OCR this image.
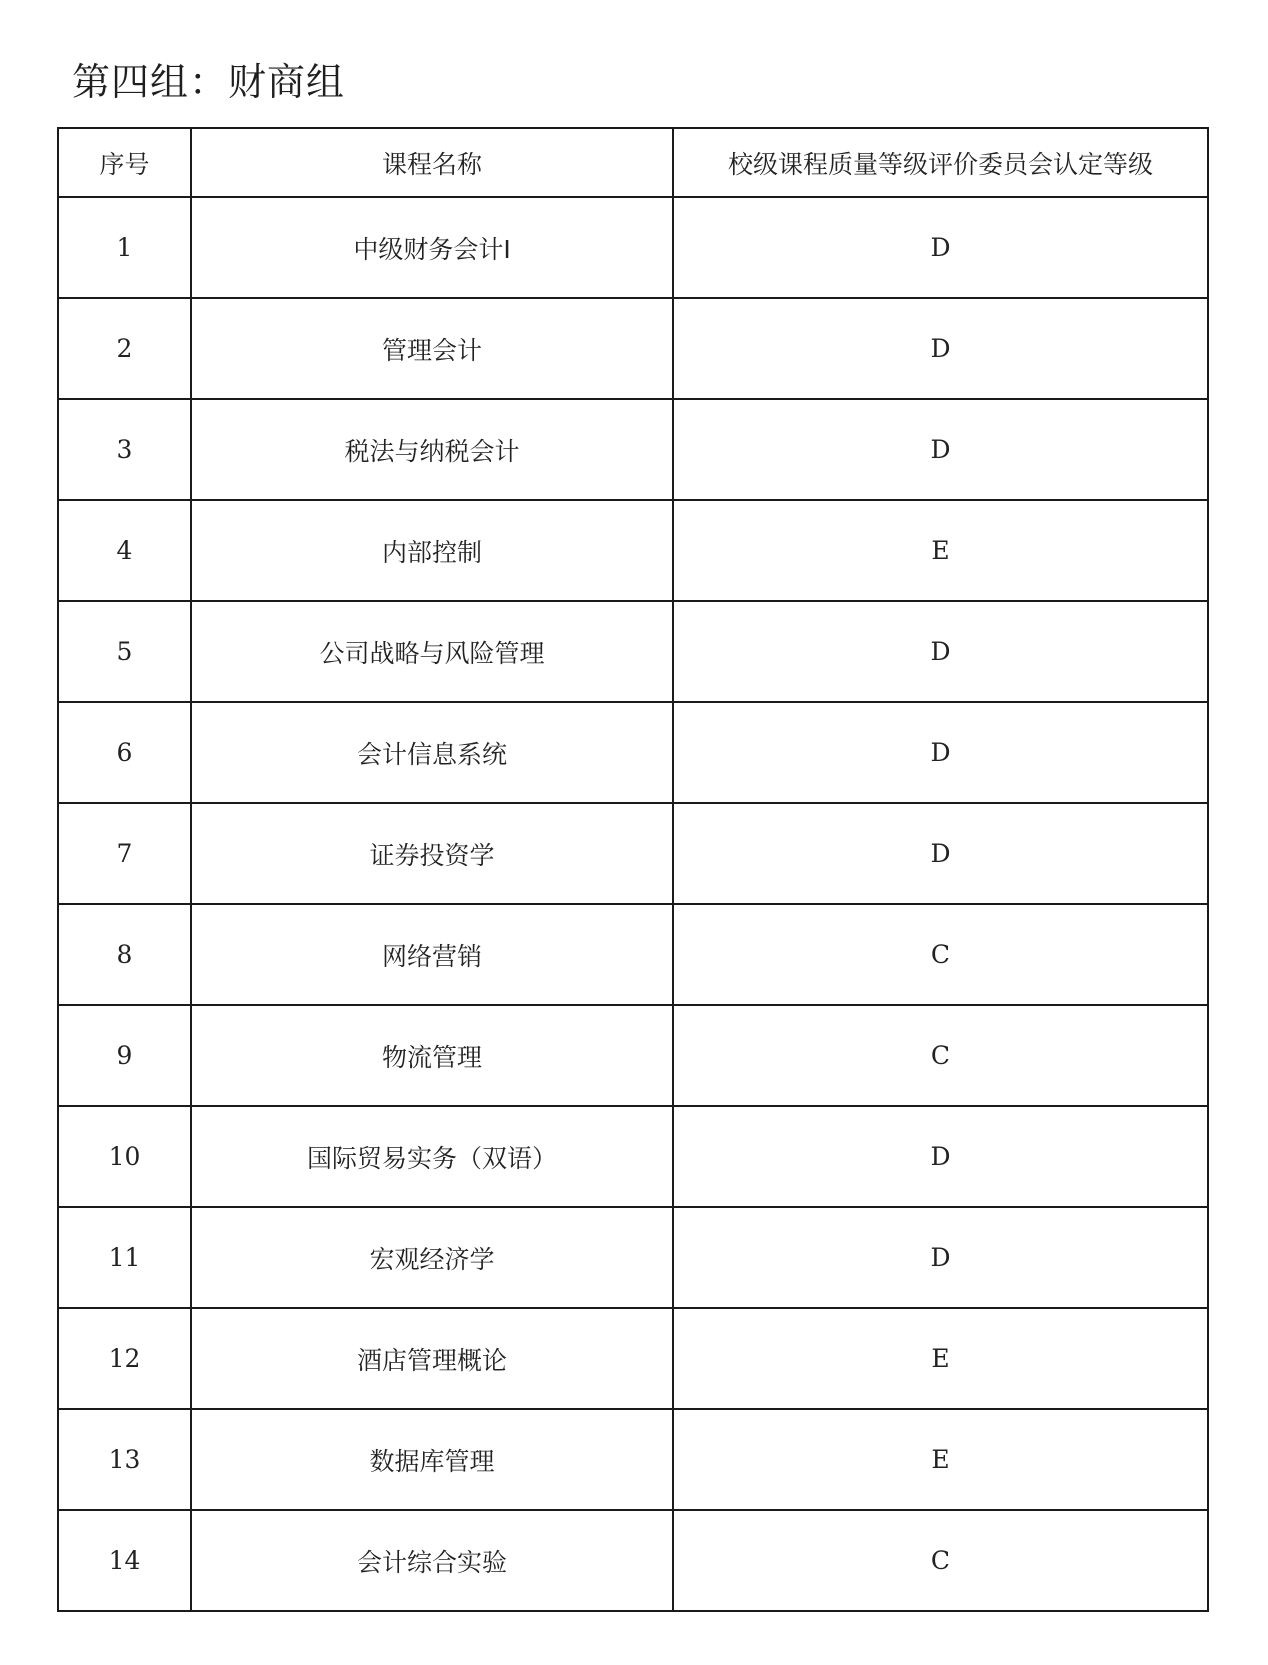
第四组：财商组
序号	课程名称	校级课程质量等级评价委员会认定等级
1	中级财务会计Ⅰ	D
2	管理会计	D
3	税法与纳税会计	D
4	内部控制	E
5	公司战略与风险管理	D
6	会计信息系统	D
7	证券投资学	D
8	网络营销	C
9	物流管理	C
10	国际贸易实务（双语）	D
11	宏观经济学	D
12	酒店管理概论	E
13	数据库管理	E
14	会计综合实验	C
